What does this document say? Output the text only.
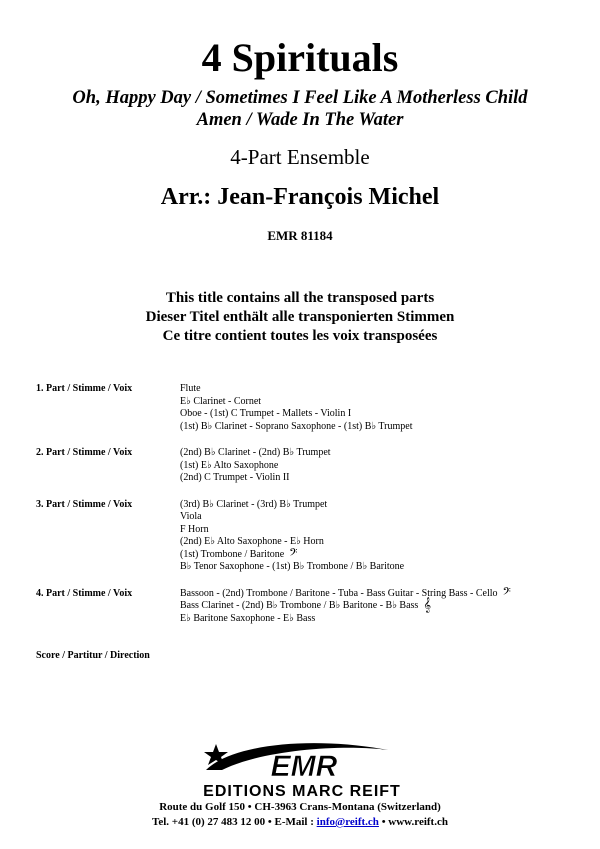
4 Spirituals
Oh, Happy Day / Sometimes I Feel Like A Motherless Child
Amen / Wade In The Water
4-Part Ensemble
Arr.: Jean-François Michel
EMR 81184
This title contains all the transposed parts
Dieser Titel enthält alle transponierten Stimmen
Ce titre contient toutes les voix transposées
1. Part / Stimme / Voix	Flute
E♭ Clarinet - Cornet
Oboe - (1st) C Trumpet - Mallets - Violin I
(1st) B♭ Clarinet - Soprano Saxophone - (1st) B♭ Trumpet
2. Part / Stimme / Voix	(2nd) B♭ Clarinet - (2nd) B♭ Trumpet
(1st) E♭ Alto Saxophone
(2nd) C Trumpet - Violin II
3. Part / Stimme / Voix	(3rd) B♭ Clarinet - (3rd) B♭ Trumpet
Viola
F Horn
(2nd) E♭ Alto Saxophone - E♭ Horn
(1st) Trombone / Baritone 𝄢
B♭ Tenor Saxophone - (1st) B♭ Trombone / B♭ Baritone
4. Part / Stimme / Voix	Bassoon - (2nd) Trombone / Baritone - Tuba - Bass Guitar - String Bass - Cello 𝄢
Bass Clarinet - (2nd) B♭ Trombone / B♭ Baritone - B♭ Bass 𝄞
E♭ Baritone Saxophone - E♭ Bass
Score / Partitur / Direction
EMR
EDITIONS MARC REIFT
Route du Golf 150 • CH-3963 Crans-Montana (Switzerland)
Tel. +41 (0) 27 483 12 00 • E-Mail : info@reift.ch • www.reift.ch
